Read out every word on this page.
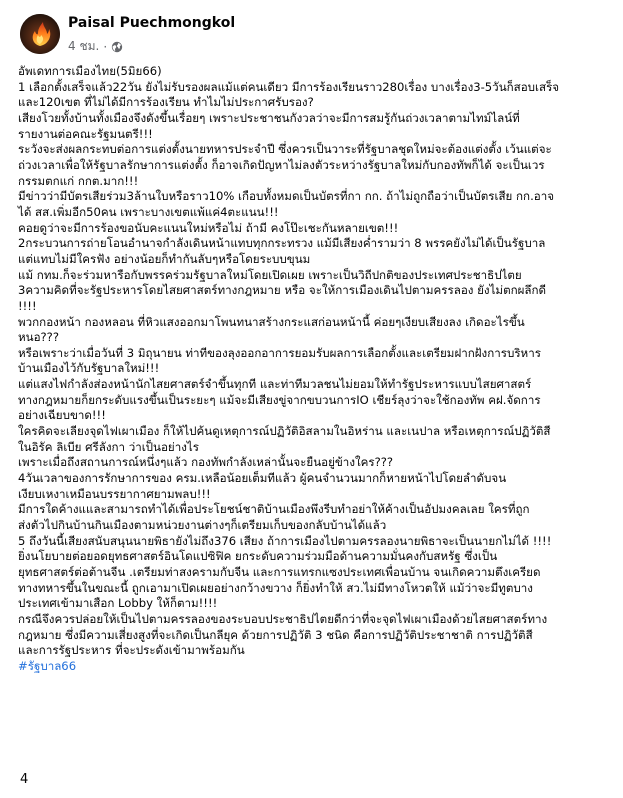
Paisal Puechmongkol
4 ชม. ·

อัพเดทการเมืองไทย(5มิย66)

1 เลือกตั้งเสร็จแล้ว22วัน ยังไม่รับรองผลแม้แต่คนเดียว มีการร้องเรียนราว280เรื่อง บางเรื่อง3-5วันก็สอบเสร็จ

และ120เขต ที่ไม่ได้มีการร้องเรียน ทำไมไม่ประกาศรับรอง?

เสียงโวยทั้งบ้านทั้งเมืองจึงดังขึ้นเรื่อยๆ เพราะประชาชนกังวลว่าจะมีการสมรู้กันถ่วงเวลาตามไทม์ไลน์ที่

รายงานต่อคณะรัฐมนตรี!!!

ระวังจะส่งผลกระทบต่อการแต่งตั้งนายทหารประจำปี ซึ่งควรเป็นวาระที่รัฐบาลชุดใหม่จะต้องแต่งตั้ง เว้นแต่จะ

ถ่วงเวลาเพื่อให้รัฐบาลรักษาการแต่งตั้ง ก็อาจเกิดปัญหาไม่ลงตัวระหว่างรัฐบาลใหม่กับกองทัพก็ได้ จะเป็นเวร

กรรมตกแก่ กกต.มาก!!!

มีข่าวว่ามีบัตรเสียร่วม3ล้านใบหรือราว10% เกือบทั้งหมดเป็นบัตรที่กา กก. ถ้าไม่ถูกถือว่าเป็นบัตรเสีย กก.อาจ

ได้ สส.เพิ่มอีก50คน เพราะบางเขตแพ้แค่4ตะแนน!!!

คอยดูว่าจะมีการร้องขอนับคะแนนใหม่หรือไม่ ถ้ามี คงโป๊ะเชะกันหลายเขต!!!

2กระบวนการถ่ายโอนอำนาจกำลังเดินหน้าแทบทุกกระทรวง แม้มีเสียงค่ำรามว่า 8 พรรคยังไม่ได้เป็นรัฐบาล

แต่แทบไม่มีใครฟัง อย่างน้อยก็ทำกันลับๆหรือโดยระบบขุนม

แม้ กทม.ก็จะร่วมหารือกับพรรคร่วมรัฐบาลใหม่โดยเปิดเผย เพราะเป็นวิถีปกติของประเทศประชาธิปไตย

3ความคิดที่จะรัฐประหารโดยไสยศาสตร์ทางกฎหมาย หรือ จะให้การเมืองเดินไปตามครรลอง ยังไม่ตกผลึกดี

!!!!

พวกกองหน้า กองหลอน ที่หิวแสงออกมาโพนทนาสร้างกระแสก่อนหน้านี้ ค่อยๆเงียบเสียงลง เกิดอะไรขึ้น

หนอ???

หรือเพราะว่าเมื่อวันที่ 3 มิถุนายน ท่าทีของลุงออกอาการยอมรับผลการเลือกตั้งและเตรียมฝากฝังการบริหาร

บ้านเมืองไว้กับรัฐบาลใหม่!!!

แต่แสงไฟกำลังส่องหน้านักไสยศาสตร์จำขึ้นทุกที และท่าทีมวลชนไม่ยอมให้ทำรัฐประหารแบบไสยศาสตร์

ทางกฎหมายก็ยกระดับแรงขึ้นเป็นระยะๆ แม้จะมีเสียงขู่จากขบวนการIO เชียร์ลุงว่าจะใช้กองทัพ คฝ.จัดการ

อย่างเฉียบขาด!!!

ใครคิดจะเลียงจุดไฟเผาเมือง ก็ให้ไปค้นดูเหตุการณ์ปฏิวัติอิสลามในอิหร่าน และเนปาล หรือเหตุการณ์ปฏิวัติสี

ในอิรัค ลิเบีย ศรีลังกา ว่าเป็นอย่างไร

เพราะเมื่อถึงสถานการณ์หนึ่งๆแล้ว กองทัพกำลังเหล่านั้นจะยืนอยู่ข้างใคร???

4วันเวลาของการรักษาการของ ครม.เหลือน้อยเต็มทีแล้ว ผู้คนจำนวนมากก็หายหน้าไปโดยลำดับจน

เงียบเหงาเหมือนบรรยากาศยามพลบ!!!

มีการใดค้างแและสามารถทำได้เพื่อประโยชน์ชาติบ้านเมืองพึงรีบทำอย่าให้ค้างเป็นอัปมงคลเลย ใครที่ถูก

ส่งตัวไปกินบ้านกินเมืองตามหน่วยงานต่างๆก็เตรียมเก็บของกลับบ้านได้แล้ว

5 ถึงวันนี้เสียงสนับสนุนนายพิธายังไม่ถึง376 เสียง ถ้าการเมืองไปตามครรลองนายพิธาจะเป็นนายกไม่ได้ !!!!

ยิ่งนโยบายต่อยอดยุทธศาสตร์อินโดแปซิฟิค ยกระดับความร่วมมือด้านความมั่นคงกับสหรัฐ ซึ่งเป็น

ยุทธศาสตร์ต่อต้านจีน .เตรียมท่าสงครามกับจีน และการแทรกแซงประเทศเพื่อนบ้าน จนเกิดความตึงเครียด

ทางทหารขึ้นในขณะนี้ ถูกเอามาเปิดเผยอย่างกว้างขวาง ก็ยิ่งทำให้ สว.ไม่มีทางโหวตให้ แม้ว่าจะมีทูตบาง

ประเทศเข้ามาเสือก Lobby ให้ก็ตาม!!!!

กรณีจึงควรปล่อยให้เป็นไปตามครรลองของระบอบประชาธิปไตยดีกว่าที่จะจุดไฟเผาเมืองด้วยไสยศาสตร์ทาง

กฎหมาย ซึ่งมีความเสี่ยงสูงที่จะเกิดเป็นกลียุค ด้วยการปฏิวัติ 3 ชนิด คือการปฏิวัติประชาชาติ การปฏิวัติสี

และการรัฐประหาร ที่จะประดังเข้ามาพร้อมกัน

#รัฐบาล66

4
